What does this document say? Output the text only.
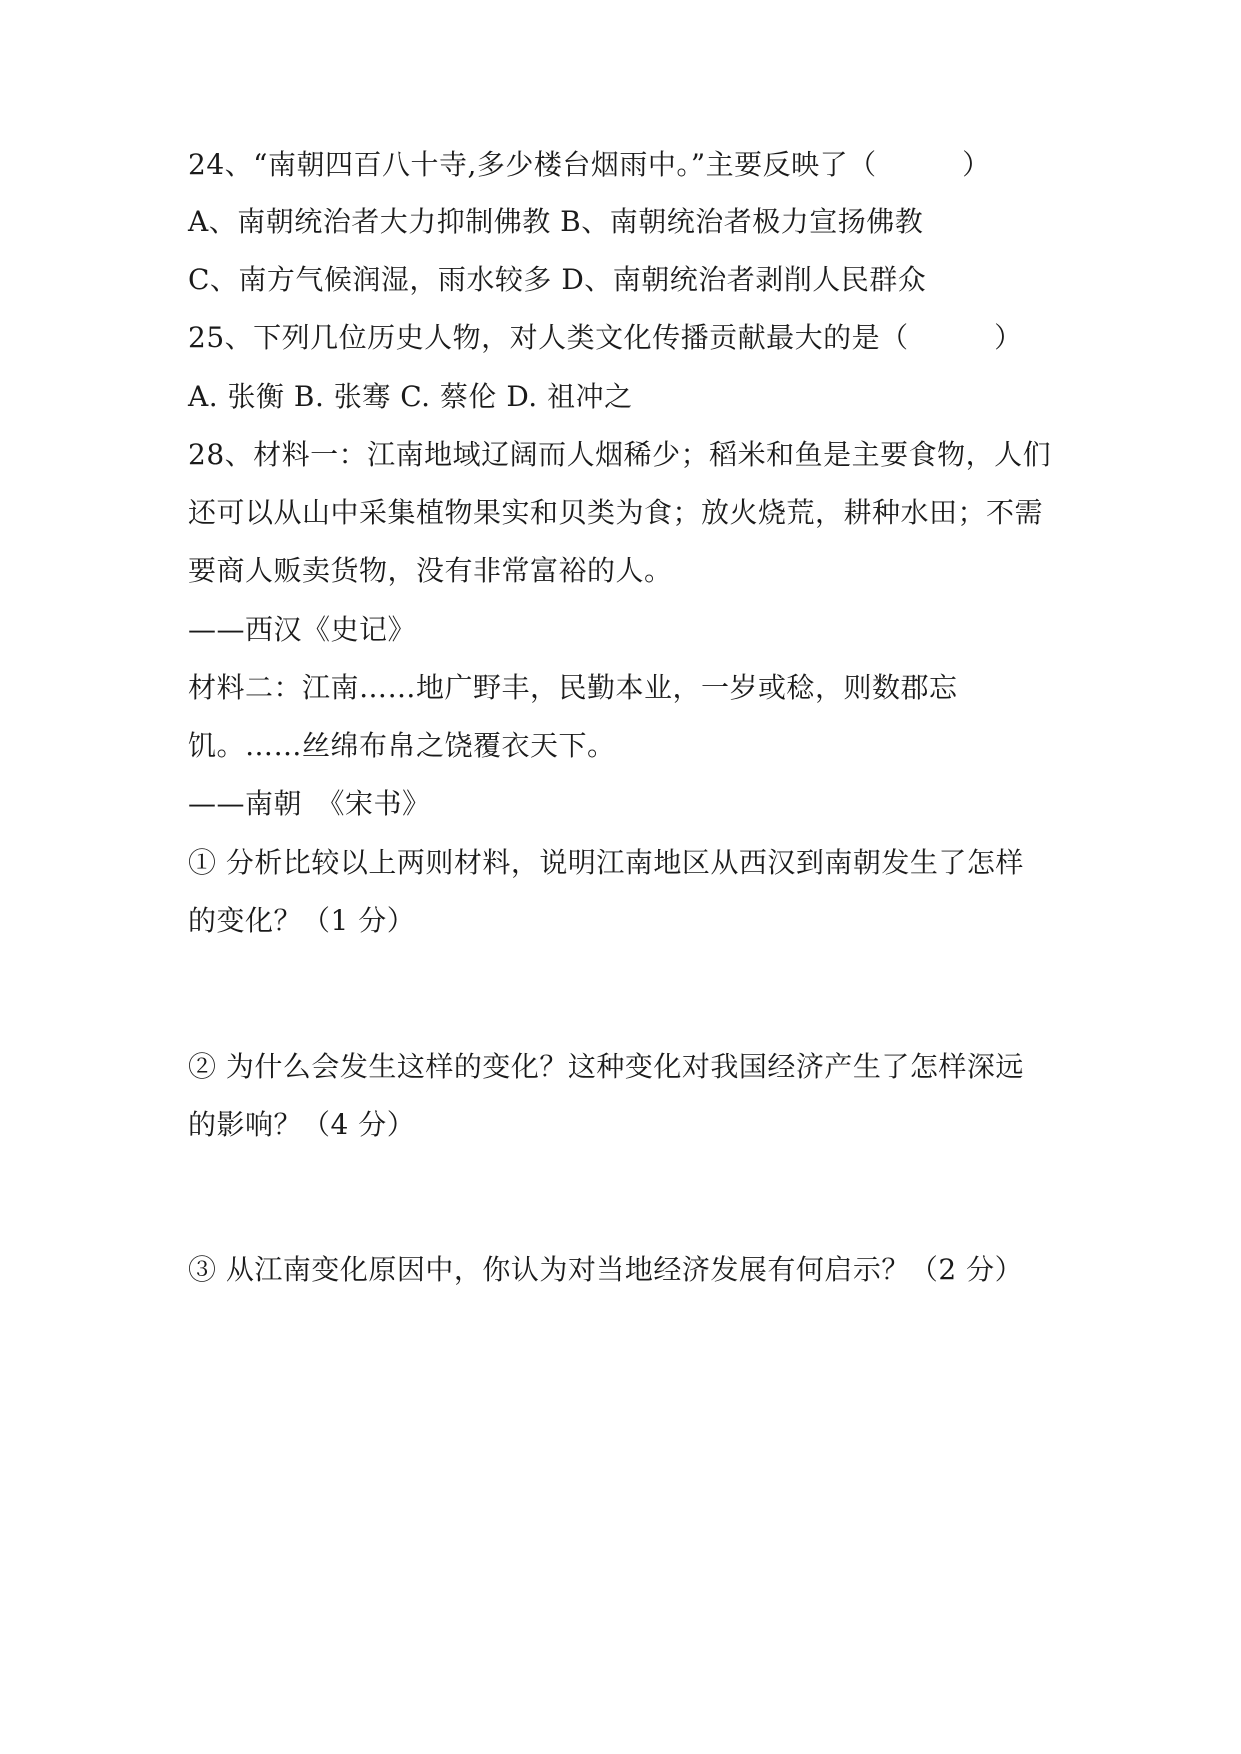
24、“南朝四百八十寺,多少楼台烟雨中。”主要反映了（　　　）
A、南朝统治者大力抑制佛教 B、南朝统治者极力宣扬佛教
C、南方气候润湿，雨水较多 D、南朝统治者剥削人民群众
25、下列几位历史人物，对人类文化传播贡献最大的是（　　　）
A. 张衡 B. 张骞 C. 蔡伦 D. 祖冲之
28、材料一：江南地域辽阔而人烟稀少；稻米和鱼是主要食物，人们
还可以从山中采集植物果实和贝类为食；放火烧荒，耕种水田；不需
要商人贩卖货物，没有非常富裕的人。
——西汉《史记》
材料二：江南……地广野丰，民勤本业，一岁或稔，则数郡忘
饥。……丝绵布帛之饶覆衣天下。
——南朝　《宋书》
① 分析比较以上两则材料，说明江南地区从西汉到南朝发生了怎样
的变化？（1 分）
② 为什么会发生这样的变化？这种变化对我国经济产生了怎样深远
的影响？（4 分）
③ 从江南变化原因中，你认为对当地经济发展有何启示？（2 分）
